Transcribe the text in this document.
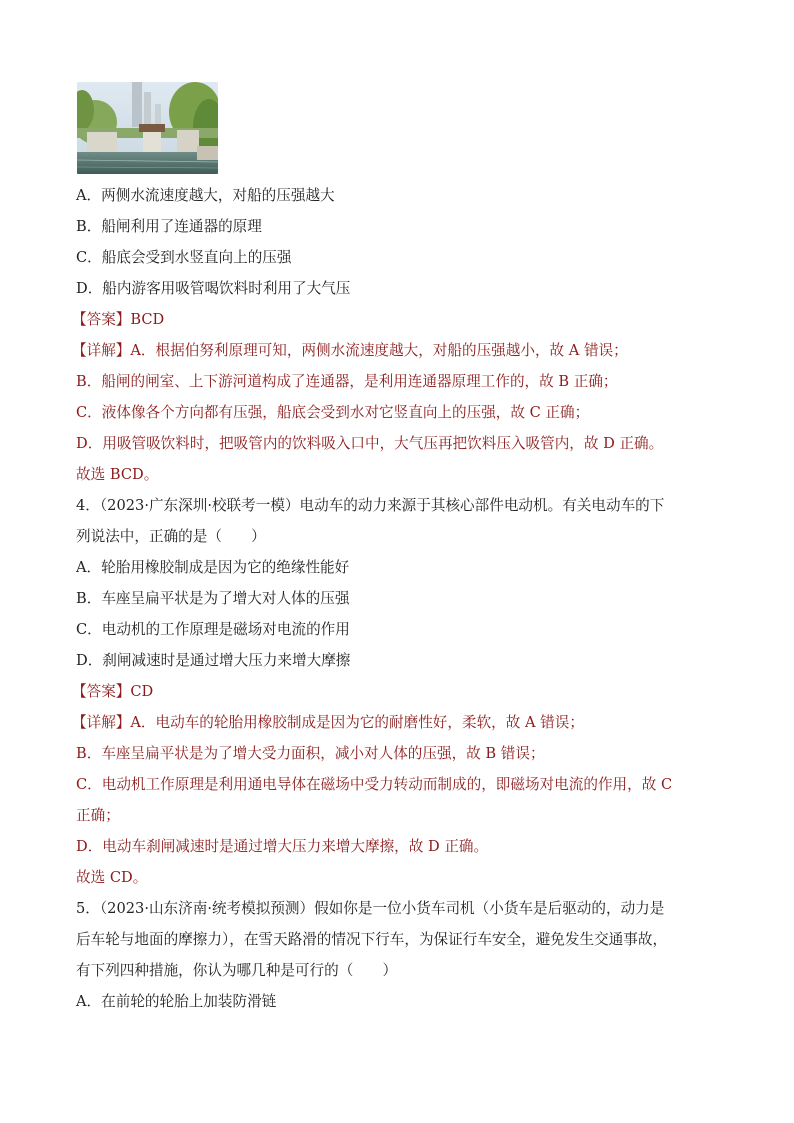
A．两侧水流速度越大，对船的压强越大
B．船闸利用了连通器的原理
C．船底会受到水竖直向上的压强
D．船内游客用吸管喝饮料时利用了大气压
【答案】BCD
【详解】A．根据伯努利原理可知，两侧水流速度越大，对船的压强越小，故 A 错误；
B．船闸的闸室、上下游河道构成了连通器，是利用连通器原理工作的，故 B 正确；
C．液体像各个方向都有压强，船底会受到水对它竖直向上的压强，故 C 正确；
D．用吸管吸饮料时，把吸管内的饮料吸入口中，大气压再把饮料压入吸管内，故 D 正确。
故选 BCD。
4．（2023·广东深圳·校联考一模）电动车的动力来源于其核心部件电动机。有关电动车的下
列说法中，正确的是（　　）
A．轮胎用橡胶制成是因为它的绝缘性能好
B．车座呈扁平状是为了增大对人体的压强
C．电动机的工作原理是磁场对电流的作用
D．刹闸减速时是通过增大压力来增大摩擦
【答案】CD
【详解】A．电动车的轮胎用橡胶制成是因为它的耐磨性好，柔软，故 A 错误；
B．车座呈扁平状是为了增大受力面积，减小对人体的压强，故 B 错误；
C．电动机工作原理是利用通电导体在磁场中受力转动而制成的，即磁场对电流的作用，故 C
正确；
D．电动车刹闸减速时是通过增大压力来增大摩擦，故 D 正确。
故选 CD。
5．（2023·山东济南·统考模拟预测）假如你是一位小货车司机（小货车是后驱动的，动力是
后车轮与地面的摩擦力），在雪天路滑的情况下行车，为保证行车安全，避免发生交通事故，
有下列四种措施，你认为哪几种是可行的（　　）
A．在前轮的轮胎上加装防滑链
